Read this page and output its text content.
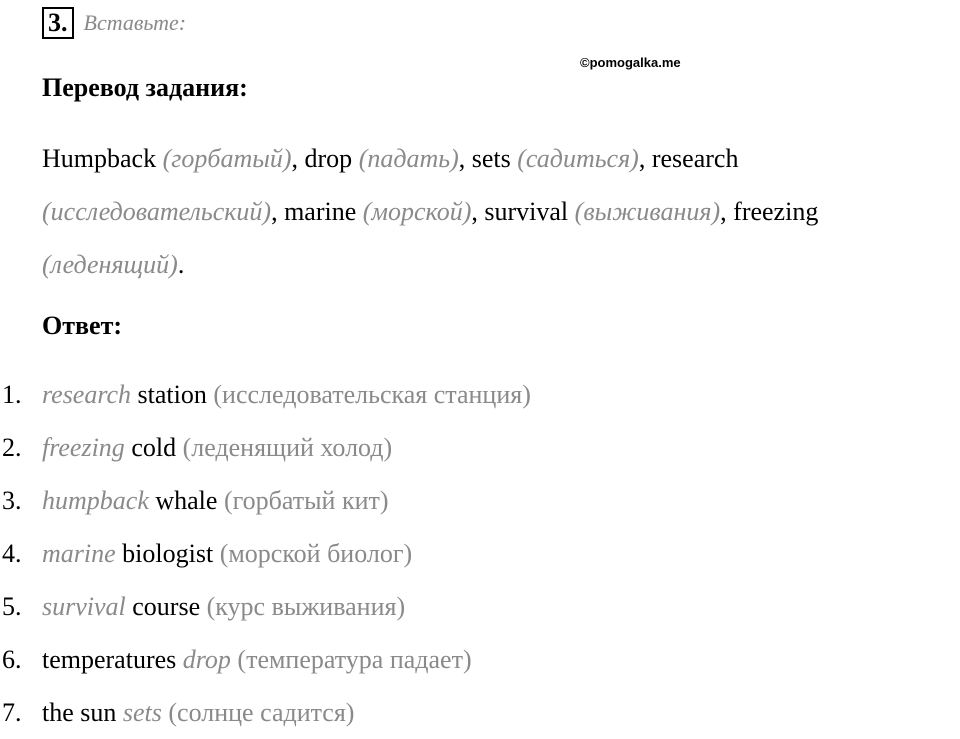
3. Вставьте:
©pomogalka.me
Перевод задания:
Humpback (горбатый), drop (падать), sets (садиться), research
(исследовательский), marine (морской), survival (выживания), freezing
(леденящий).
Ответ:
1. research station (исследовательская станция)
2. freezing cold (леденящий холод)
3. humpback whale (горбатый кит)
4. marine biologist (морской биолог)
5. survival course (курс выживания)
6. temperatures drop (температура падает)
7. the sun sets (солнце садится)
